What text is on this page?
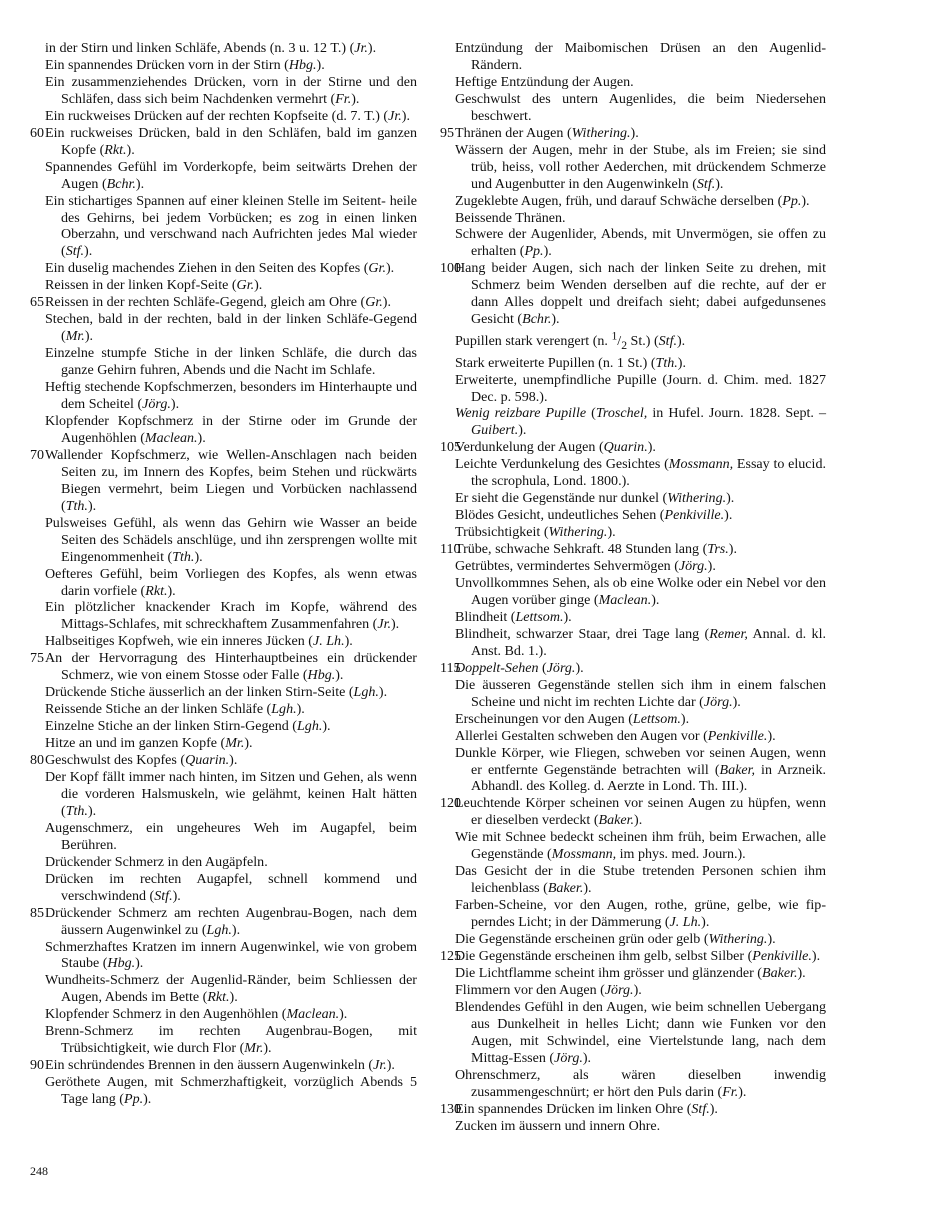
in der Stirn und linken Schläfe, Abends (n. 3 u. 12 T.) (Jr.).
Ein spannendes Drücken vorn in der Stirn (Hbg.).
Ein zusammenziehendes Drücken, vorn in der Stirne und den Schläfen, dass sich beim Nachdenken vermehrt (Fr.).
Ein ruckweises Drücken auf der rechten Kopfseite (d. 7. T.) (Jr.).
60 Ein ruckweises Drücken, bald in den Schläfen, bald im ganzen Kopfe (Rkt.).
Spannendes Gefühl im Vorderkopfe, beim seitwärts Drehen der Augen (Bchr.).
Ein stichartiges Spannen auf einer kleinen Stelle im Seitent- heile des Gehirns, bei jedem Vorbücken; es zog in einen linken Oberzahn, und verschwand nach Aufrichten jedes Mal wieder (Stf.).
Ein duselig machendes Ziehen in den Seiten des Kopfes (Gr.).
Reissen in der linken Kopf-Seite (Gr.).
65 Reissen in der rechten Schläfe-Gegend, gleich am Ohre (Gr.).
Stechen, bald in der rechten, bald in der linken Schläfe-Gegend (Mr.).
Einzelne stumpfe Stiche in der linken Schläfe, die durch das ganze Gehirn fuhren, Abends und die Nacht im Schlafe.
Heftig stechende Kopfschmerzen, besonders im Hinterhaupte und dem Scheitel (Jörg.).
Klopfender Kopfschmerz in der Stirne oder im Grunde der Augenhöhlen (Maclean.).
70 Wallender Kopfschmerz, wie Wellen-Anschlagen nach beiden Seiten zu, im Innern des Kopfes, beim Stehen und rückwärts Biegen vermehrt, beim Liegen und Vorbücken nachlassend (Tth.).
Pulsweises Gefühl, als wenn das Gehirn wie Wasser an beide Seiten des Schädels anschlüge, und ihn zersprengen wollte mit Eingenommenheit (Tth.).
Oefteres Gefühl, beim Vorliegen des Kopfes, als wenn etwas darin vorfiele (Rkt.).
Ein plötzlicher knackender Krach im Kopfe, während des Mittags-Schlafes, mit schreckhaftem Zusammenfahren (Jr.).
Halbseitiges Kopfweh, wie ein inneres Jücken (J. Lh.).
75 An der Hervorragung des Hinterhauptbeines ein drückender Schmerz, wie von einem Stosse oder Falle (Hbg.).
Drückende Stiche äusserlich an der linken Stirn-Seite (Lgh.).
Reissende Stiche an der linken Schläfe (Lgh.).
Einzelne Stiche an der linken Stirn-Gegend (Lgh.).
Hitze an und im ganzen Kopfe (Mr.).
80 Geschwulst des Kopfes (Quarin.).
Der Kopf fällt immer nach hinten, im Sitzen und Gehen, als wenn die vorderen Halsmuskeln, wie gelähmt, keinen Halt hätten (Tth.).
Augenschmerz, ein ungeheures Weh im Augapfel, beim Berühren.
Drückender Schmerz in den Augäpfeln.
Drücken im rechten Augapfel, schnell kommend und verschwindend (Stf.).
85 Drückender Schmerz am rechten Augenbrau-Bogen, nach dem äussern Augenwinkel zu (Lgh.).
Schmerzhaftes Kratzen im innern Augenwinkel, wie von grobem Staube (Hbg.).
Wundheits-Schmerz der Augenlid-Ränder, beim Schliessen der Augen, Abends im Bette (Rkt.).
Klopfender Schmerz in den Augenhöhlen (Maclean.).
Brenn-Schmerz im rechten Augenbrau-Bogen, mit Trübsichtigkeit, wie durch Flor (Mr.).
90 Ein schründendes Brennen in den äussern Augenwinkeln (Jr.).
Geröthete Augen, mit Schmerzhaftigkeit, vorzüglich Abends 5 Tage lang (Pp.).
Entzündung der Maibomischen Drüsen an den Augenlid-Rändern.
Heftige Entzündung der Augen.
Geschwulst des untern Augenlides, die beim Niedersehen beschwert.
95 Thränen der Augen (Withering.).
Wässern der Augen, mehr in der Stube, als im Freien; sie sind trüb, heiss, voll rother Aederchen, mit drückendem Schmerze und Augenbutter in den Augenwinkeln (Stf.).
Zugeklebte Augen, früh, und darauf Schwäche derselben (Pp.).
Beissende Thränen.
Schwere der Augenlider, Abends, mit Unvermögen, sie offen zu erhalten (Pp.).
100
Hang beider Augen, sich nach der linken Seite zu drehen, mit Schmerz beim Wenden derselben auf die rechte, auf der er dann Alles doppelt und dreifach sieht; dabei aufgedunsenes Gesicht (Bchr.).
Pupillen stark verengert (n. $^1/_2$ St.) (Stf.).
Stark erweiterte Pupillen (n. 1 St.) (Tth.).
Erweiterte, unempfindliche Pupille (Journ. d. Chim. med. 1827 Dec. p. 598.).
Wenig reizbare Pupille (Troschel, in Hufel. Journ. 1828. Sept. – Guibert.).
105
Verdunkelung der Augen (Quarin.).
Leichte Verdunkelung des Gesichtes (Mossmann, Essay to elucid. the scrophula, Lond. 1800.).
Er sieht die Gegenstände nur dunkel (Withering.).
Blödes Gesicht, undeutliches Sehen (Penkiville.).
Trübsichtigkeit (Withering.).
110
Trübe, schwache Sehkraft. 48 Stunden lang (Trs.).
Getrübtes, vermindertes Sehvermögen (Jörg.).
Unvollkommnes Sehen, als ob eine Wolke oder ein Nebel vor den Augen vorüber ginge (Maclean.).
Blindheit (Lettsom.).
Blindheit, schwarzer Staar, drei Tage lang (Remer, Annal. d. kl. Anst. Bd. 1.).
115
Doppelt-Sehen (Jörg.).
Die äusseren Gegenstände stellen sich ihm in einem falschen Scheine und nicht im rechten Lichte dar (Jörg.).
Erscheinungen vor den Augen (Lettsom.).
Allerlei Gestalten schweben den Augen vor (Penkiville.).
Dunkle Körper, wie Fliegen, schweben vor seinen Augen, wenn er entfernte Gegenstände betrachten will (Baker, in Arzneik. Abhandl. des Kolleg. d. Aerzte in Lond. Th. III.).
120
Leuchtende Körper scheinen vor seinen Augen zu hüpfen, wenn er dieselben verdeckt (Baker.).
Wie mit Schnee bedeckt scheinen ihm früh, beim Erwachen, alle Gegenstände (Mossmann, im phys. med. Journ.).
Das Gesicht der in die Stube tretenden Personen schien ihm leichenblass (Baker.).
Farben-Scheine, vor den Augen, rothe, grüne, gelbe, wie fip- perndes Licht; in der Dämmerung (J. Lh.).
Die Gegenstände erscheinen grün oder gelb (Withering.).
125
Die Gegenstände erscheinen ihm gelb, selbst Silber (Penkiville.).
Die Lichtflamme scheint ihm grösser und glänzender (Baker.).
Flimmern vor den Augen (Jörg.).
Blendendes Gefühl in den Augen, wie beim schnellen Uebergang aus Dunkelheit in helles Licht; dann wie Funken vor den Augen, mit Schwindel, eine Viertelstunde lang, nach dem Mittag-Essen (Jörg.).
Ohrenschmerz, als wären dieselben inwendig zusammengeschnürt; er hört den Puls darin (Fr.).
130
Ein spannendes Drücken im linken Ohre (Stf.).
Zucken im äussern und innern Ohre.
248
